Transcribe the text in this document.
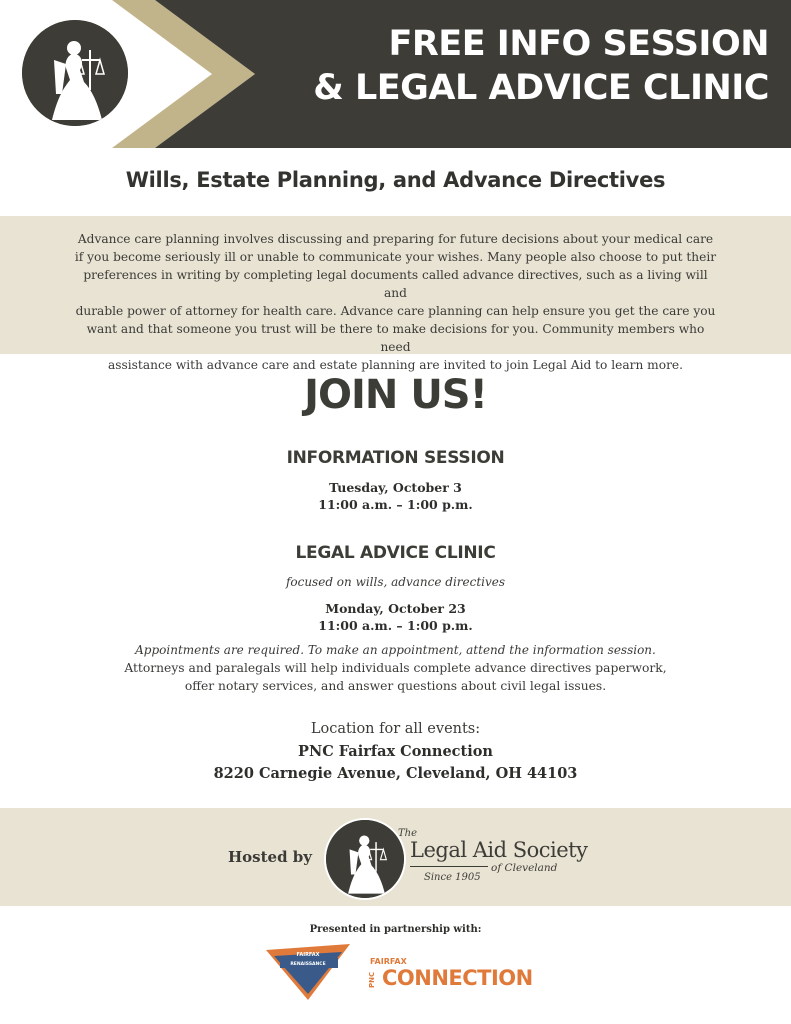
FREE INFO SESSION
& LEGAL ADVICE CLINIC
Wills, Estate Planning, and Advance Directives
Advance care planning involves discussing and preparing for future decisions about your medical care
if you become seriously ill or unable to communicate your wishes. Many people also choose to put their
preferences in writing by completing legal documents called advance directives, such as a living will and
durable power of attorney for health care. Advance care planning can help ensure you get the care you
want and that someone you trust will be there to make decisions for you. Community members who need
assistance with advance care and estate planning are invited to join Legal Aid to learn more.
JOIN US!
INFORMATION SESSION
Tuesday, October 3
11:00 a.m. – 1:00 p.m.
LEGAL ADVICE CLINIC
focused on wills, advance directives
Monday, October 23
11:00 a.m. – 1:00 p.m.
Appointments are required. To make an appointment, attend the information session.
Attorneys and paralegals will help individuals complete advance directives paperwork,
offer notary services, and answer questions about civil legal issues.
Location for all events:
PNC Fairfax Connection
8220 Carnegie Avenue, Cleveland, OH 44103
Hosted by
The
Legal Aid Society
of Cleveland
Since 1905
Presented in partnership with:
FAIRFAX
RENAISSANCE	FAIRFAX
PNC CONNECTION
